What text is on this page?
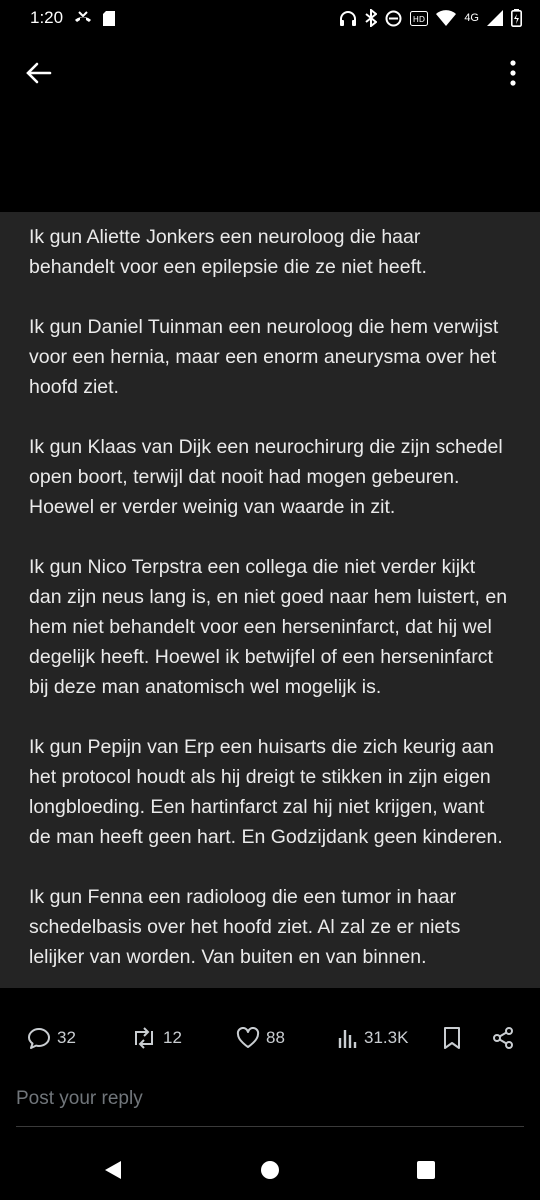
1:20	HD	4G
Ik gun Aliette Jonkers een neuroloog die haar
behandelt voor een epilepsie die ze niet heeft.
Ik gun Daniel Tuinman een neuroloog die hem verwijst
voor een hernia, maar een enorm aneurysma over het
hoofd ziet.
Ik gun Klaas van Dijk een neurochirurg die zijn schedel
open boort, terwijl dat nooit had mogen gebeuren.
Hoewel er verder weinig van waarde in zit.
Ik gun Nico Terpstra een collega die niet verder kijkt
dan zijn neus lang is, en niet goed naar hem luistert, en
hem niet behandelt voor een herseninfarct, dat hij wel
degelijk heeft. Hoewel ik betwijfel of een herseninfarct
bij deze man anatomisch wel mogelijk is.
Ik gun Pepijn van Erp een huisarts die zich keurig aan
het protocol houdt als hij dreigt te stikken in zijn eigen
longbloeding. Een hartinfarct zal hij niet krijgen, want
de man heeft geen hart. En Godzijdank geen kinderen.
Ik gun Fenna een radioloog die een tumor in haar
schedelbasis over het hoofd ziet. Al zal ze er niets
lelijker van worden. Van buiten en van binnen.
32	12	88	31.3K
Post your reply
